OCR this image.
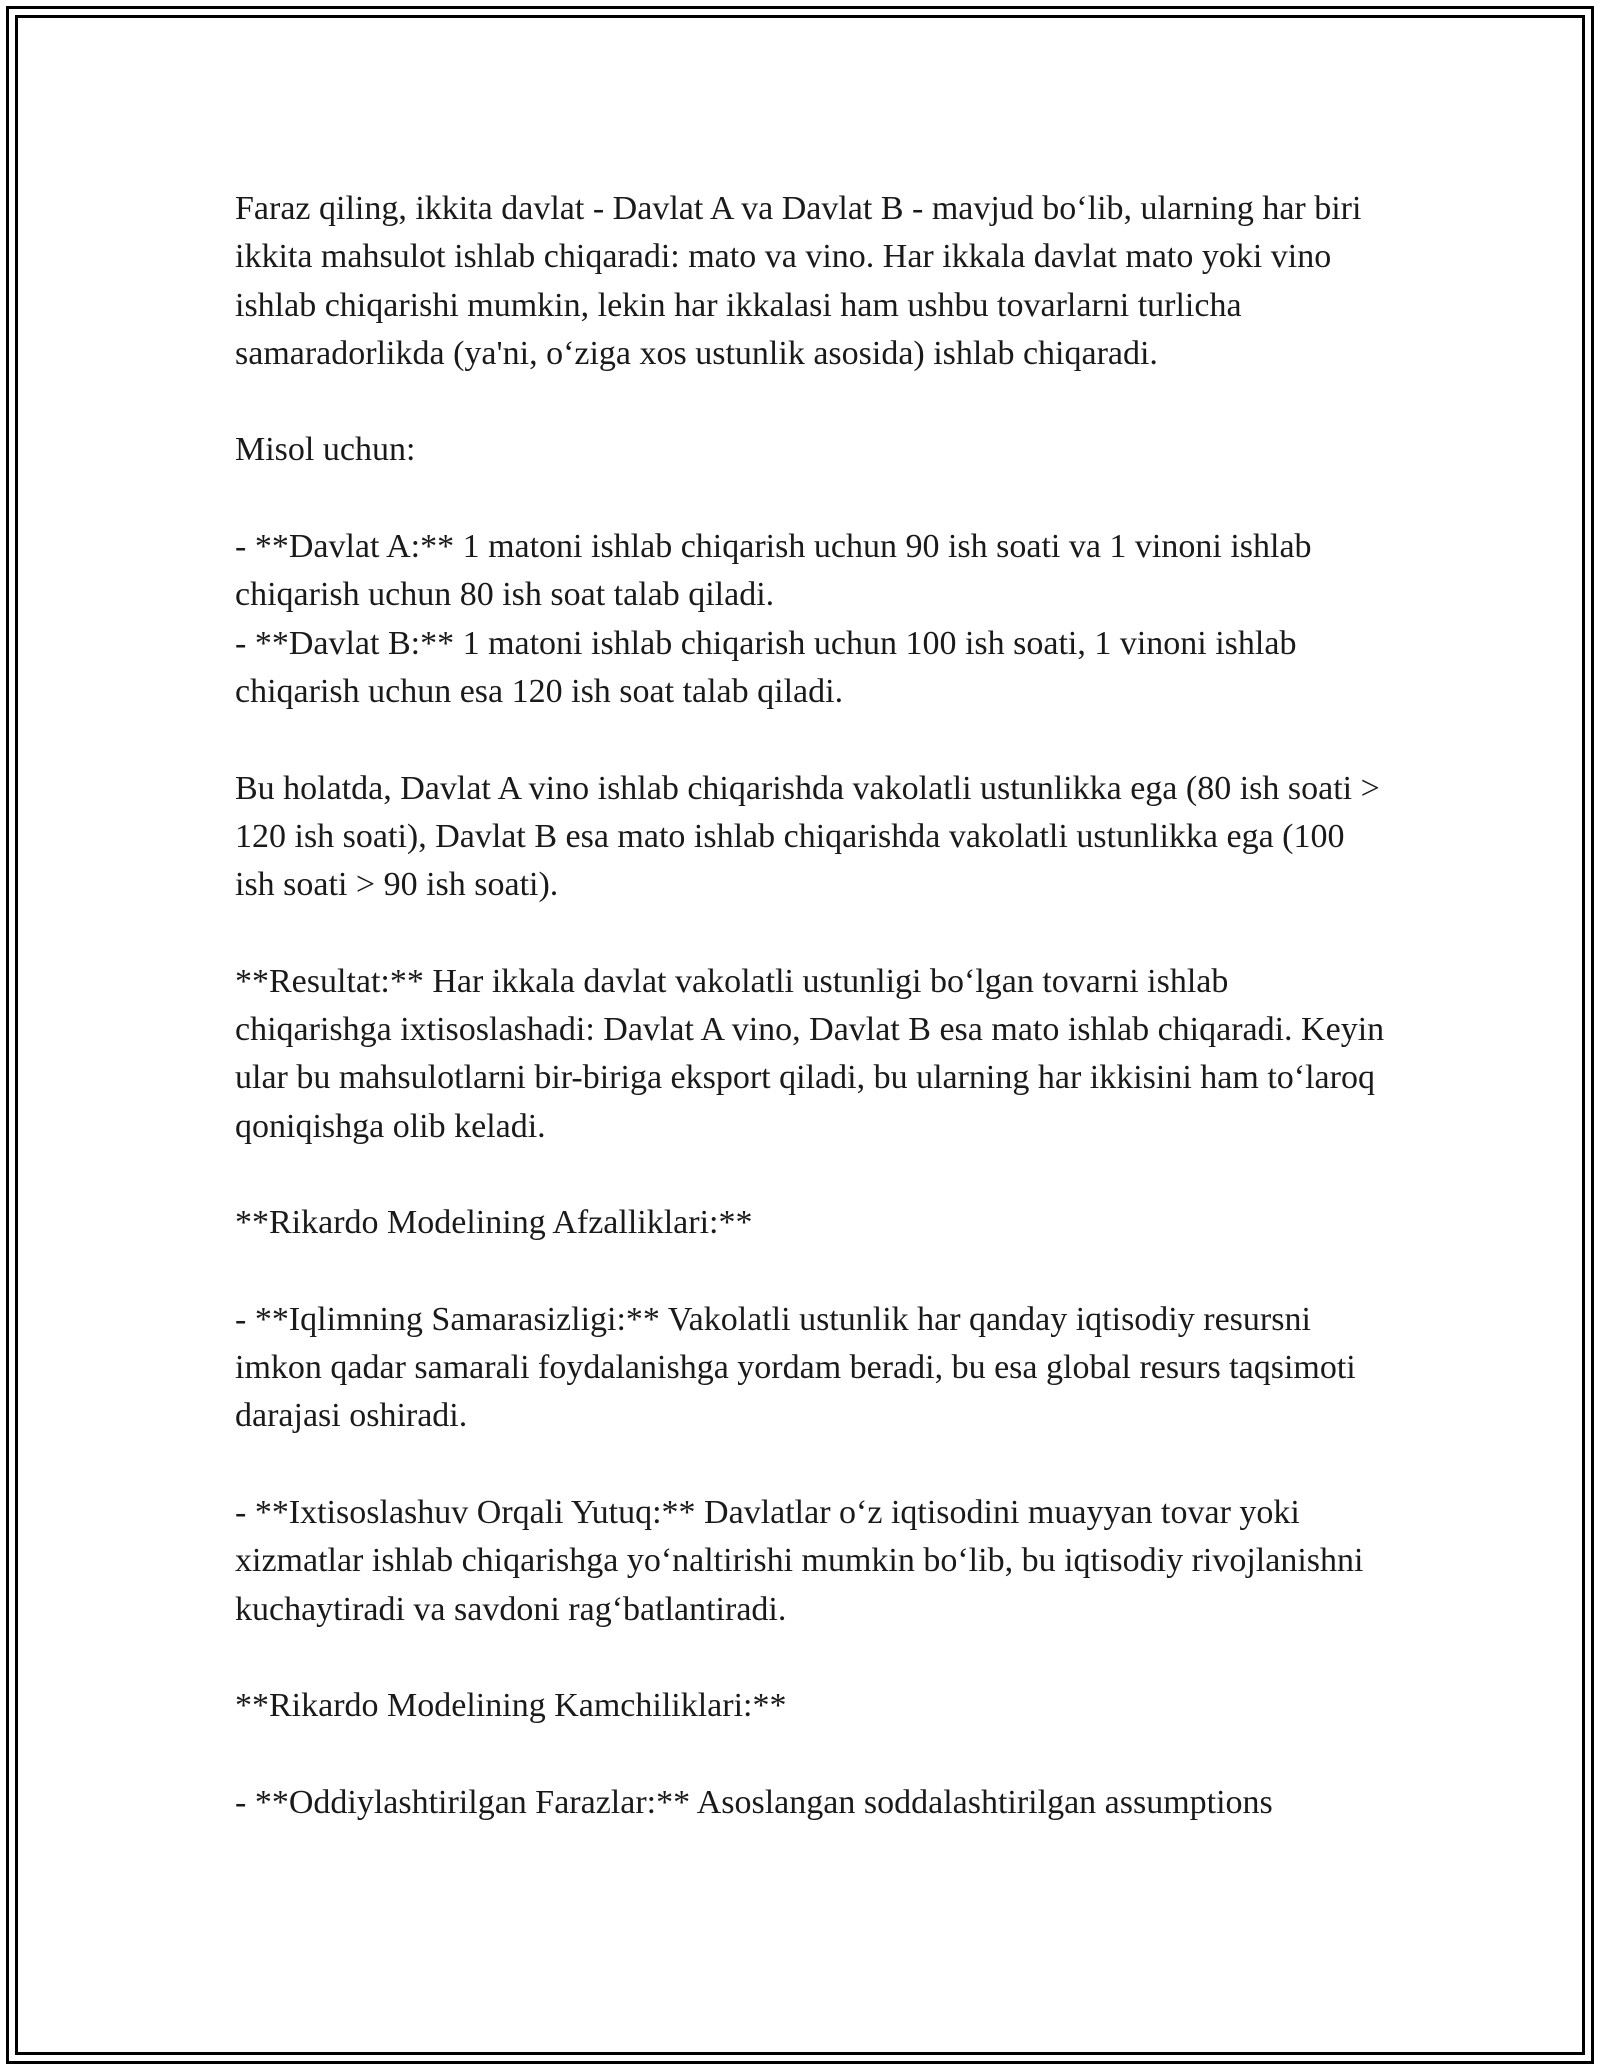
Faraz qiling, ikkita davlat - Davlat A va Davlat B - mavjud bo‘lib, ularning har biri ikkita mahsulot ishlab chiqaradi: mato va vino. Har ikkala davlat mato yoki vino ishlab chiqarishi mumkin, lekin har ikkalasi ham ushbu tovarlarni turlicha samaradorlikda (ya'ni, o‘ziga xos ustunlik asosida) ishlab chiqaradi.

Misol uchun:

- **Davlat A:** 1 matoni ishlab chiqarish uchun 90 ish soati va 1 vinoni ishlab chiqarish uchun 80 ish soat talab qiladi.

- **Davlat B:** 1 matoni ishlab chiqarish uchun 100 ish soati, 1 vinoni ishlab chiqarish uchun esa 120 ish soat talab qiladi.

Bu holatda, Davlat A vino ishlab chiqarishda vakolatli ustunlikka ega (80 ish soati > 120 ish soati), Davlat B esa mato ishlab chiqarishda vakolatli ustunlikka ega (100 ish soati > 90 ish soati).

**Resultat:** Har ikkala davlat vakolatli ustunligi bo‘lgan tovarni ishlab chiqarishga ixtisoslashadi: Davlat A vino, Davlat B esa mato ishlab chiqaradi. Keyin ular bu mahsulotlarni bir-biriga eksport qiladi, bu ularning har ikkisini ham to‘laroq qoniqishga olib keladi.

**Rikardo Modelining Afzalliklari:**

- **Iqlimning Samarasizligi:** Vakolatli ustunlik har qanday iqtisodiy resursni imkon qadar samarali foydalanishga yordam beradi, bu esa global resurs taqsimoti darajasi oshiradi.

- **Ixtisoslashuv Orqali Yutuq:** Davlatlar o‘z iqtisodini muayyan tovar yoki xizmatlar ishlab chiqarishga yo‘naltirishi mumkin bo‘lib, bu iqtisodiy rivojlanishni kuchaytiradi va savdoni rag‘batlantiradi.

**Rikardo Modelining Kamchiliklari:**

- **Oddiylashtirilgan Farazlar:** Asoslangan soddalashtirilgan assumptions
